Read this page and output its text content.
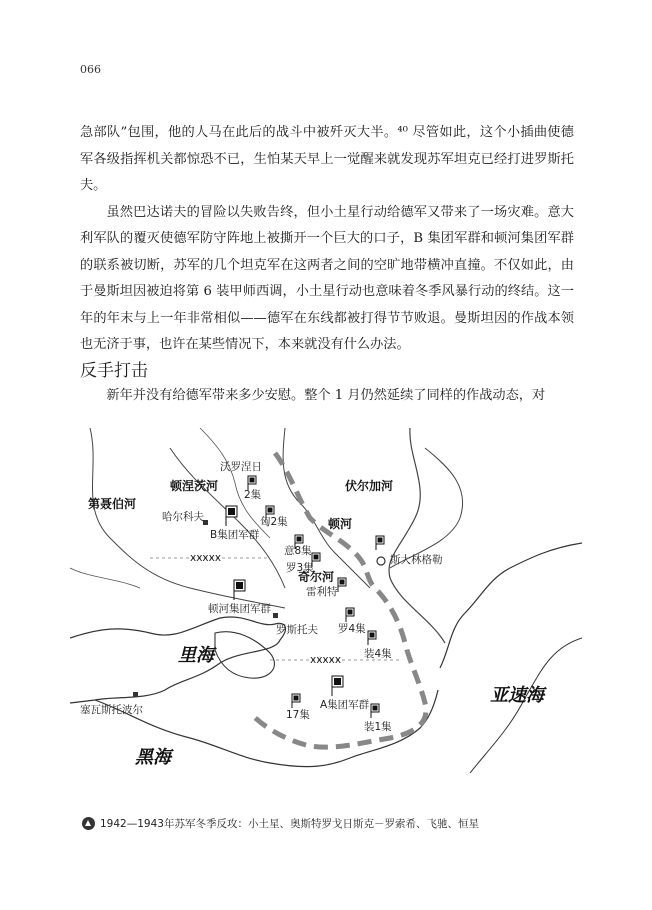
066

急部队”包围，他的人马在此后的战斗中被歼灭大半。⁴⁰ 尽管如此，这个小插曲使德军各级指挥机关都惊恐不已，生怕某天早上一觉醒来就发现苏军坦克已经打进罗斯托夫。

虽然巴达诺夫的冒险以失败告终，但小土星行动给德军又带来了一场灾难。意大利军队的覆灭使德军防守阵地上被撕开一个巨大的口子，B 集团军群和顿河集团军群的联系被切断，苏军的几个坦克军在这两者之间的空旷地带横冲直撞。不仅如此，由于曼斯坦因被迫将第 6 装甲师西调，小土星行动也意味着冬季风暴行动的终结。这一年的年末与上一年非常相似——德军在东线都被打得节节败退。曼斯坦因的作战本领也无济于事，也许在某些情况下，本来就没有什么办法。

反手打击

新年并没有给德军带来多少安慰。整个 1 月仍然延续了同样的作战动态，对

xxxxx
xxxxx
沃罗涅日
顿涅茨河	伏尔加河
第聂伯河
哈尔科夫	顿河
斯大林格勒
奇尔河
雷利特
罗斯托夫
塞瓦斯托波尔
里海
亚速海
黑海
2集
匈2集
B集团军群
意8集
罗3集
顿河集团军群
罗4集
装4集
A集团军群
17集
装1集
1942—1943年苏军冬季反攻：小土星、奥斯特罗戈日斯克－罗索希、飞驰、恒星
